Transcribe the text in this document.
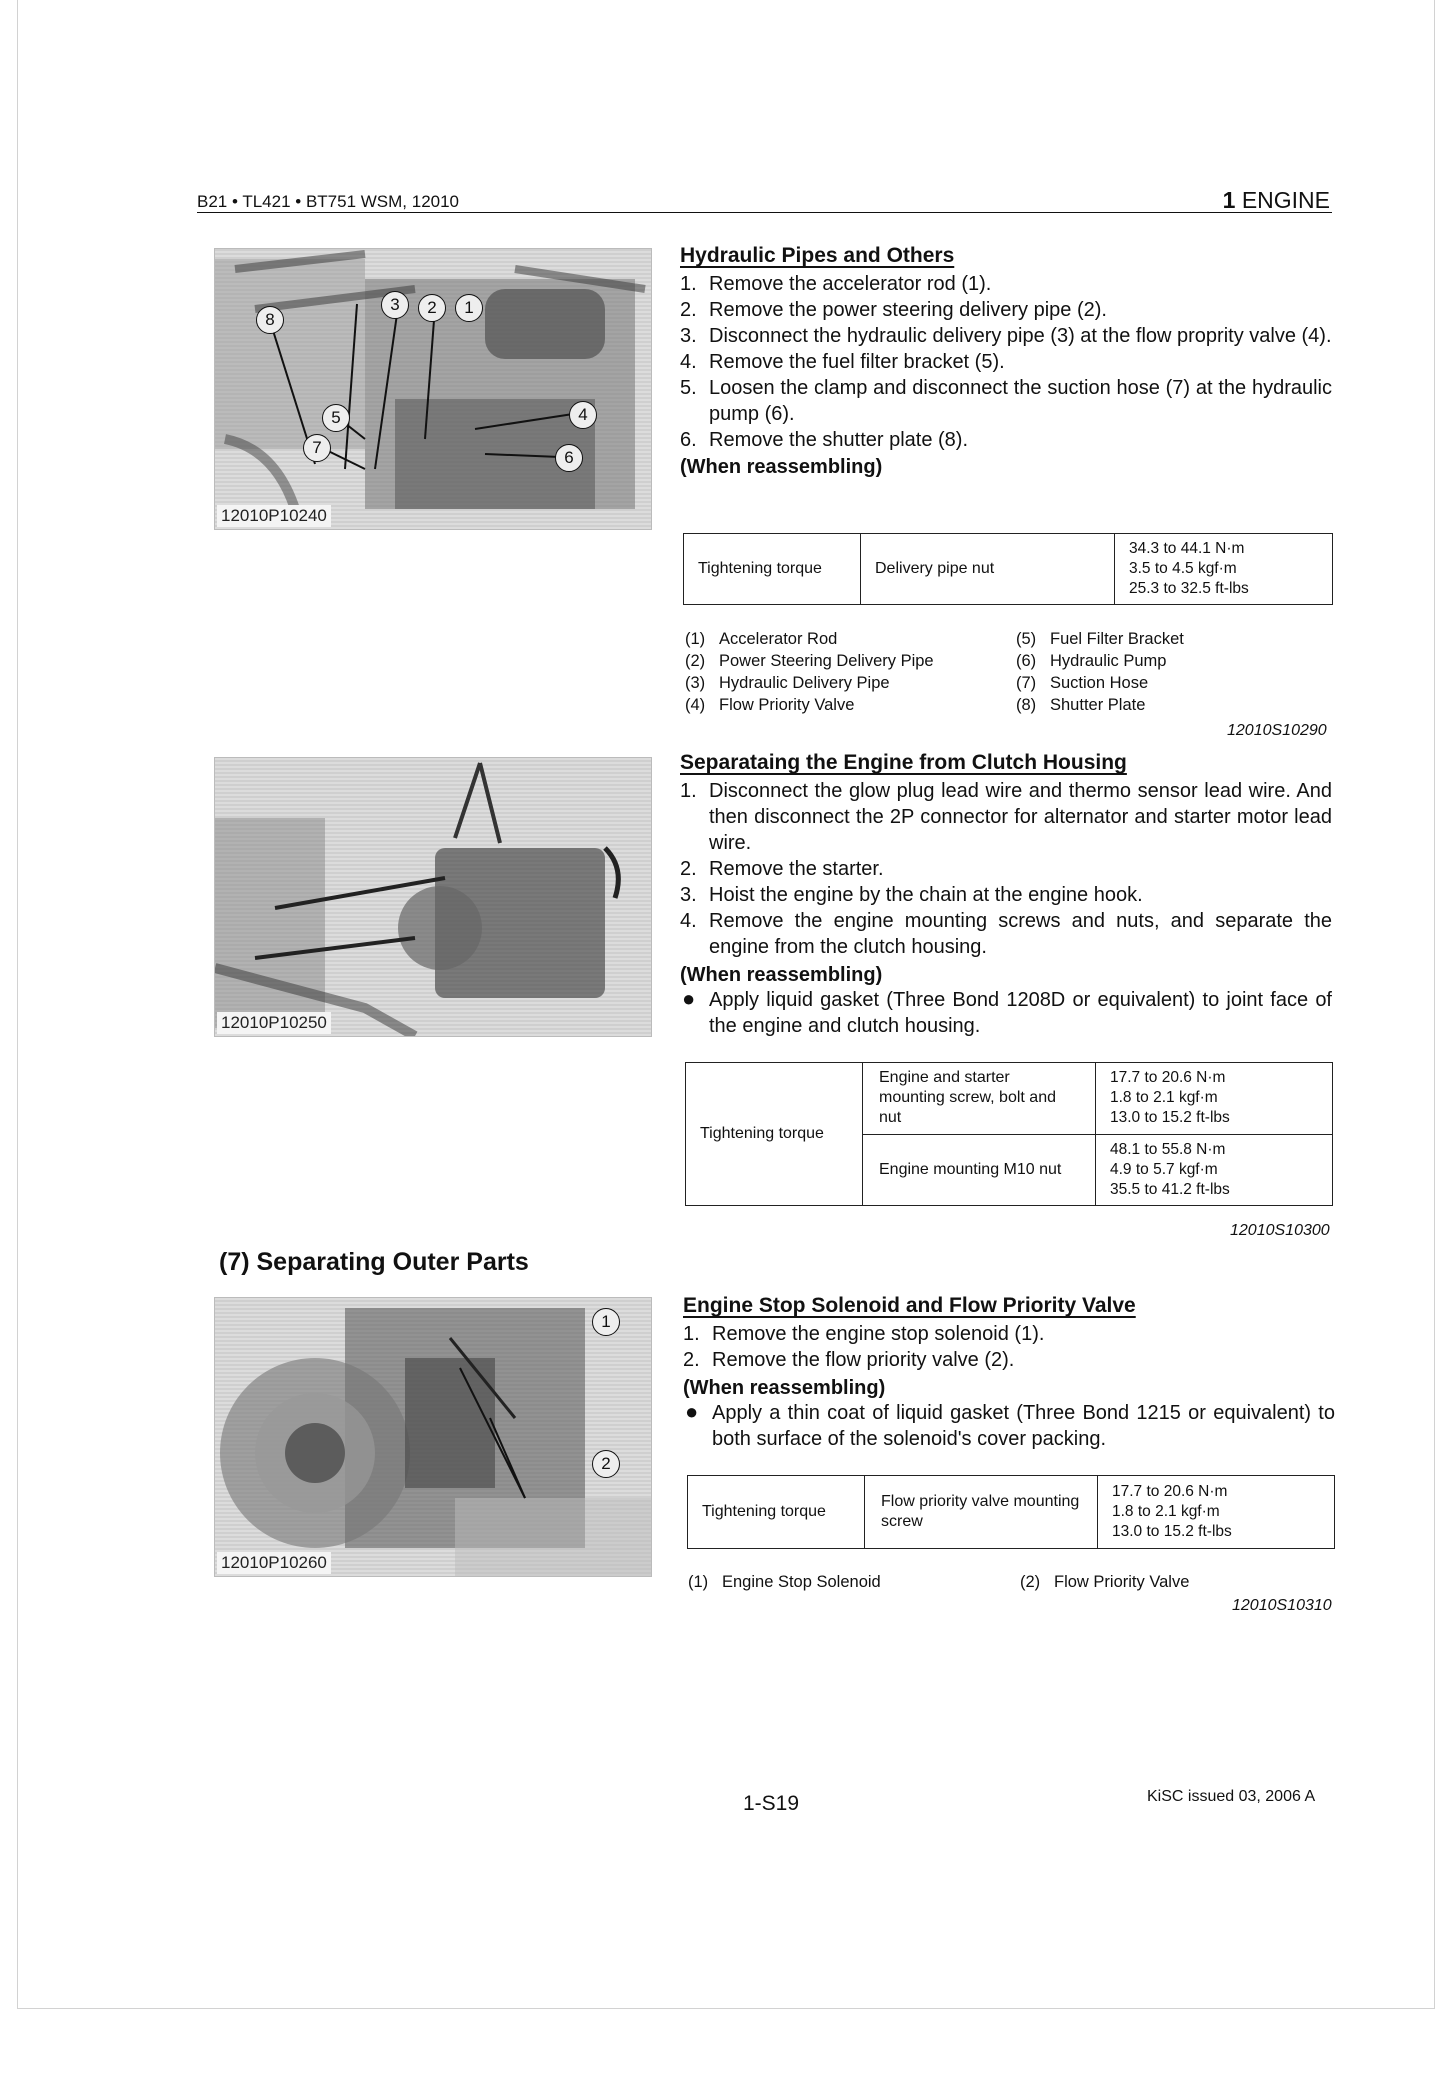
B21 • TL421 • BT751 WSM, 12010	1 ENGINE
8
3	2	1
5	4
7
6
12010P10240
Hydraulic Pipes and Others
1. Remove the accelerator rod (1).
2. Remove the power steering delivery pipe (2).
3. Disconnect the hydraulic delivery pipe (3) at the flow proprity valve (4).
4. Remove the fuel filter bracket (5).
5. Loosen the clamp and disconnect the suction hose (7) at the hydraulic pump (6).
6. Remove the shutter plate (8).
(When reassembling)
Tightening torque	Delivery pipe nut	
34.3 to 44.1 N·m
3.5 to 4.5 kgf·m
25.3 to 32.5 ft-lbs
(1) Accelerator Rod
(2) Power Steering Delivery Pipe
(3) Hydraulic Delivery Pipe
(4) Flow Priority Valve
(5) Fuel Filter Bracket
(6) Hydraulic Pump
(7) Suction Hose
(8) Shutter Plate
12010S10290
12010P10250
Separataing the Engine from Clutch Housing
1. Disconnect the glow plug lead wire and thermo sensor lead wire. And then disconnect the 2P connector for alternator and starter motor lead wire.
2. Remove the starter.
3. Hoist the engine by the chain at the engine hook.
4. Remove the engine mounting screws and nuts, and separate the engine from the clutch housing.
(When reassembling)
● Apply liquid gasket (Three Bond 1208D or equivalent) to joint face of the engine and clutch housing.
Tightening torque	Engine and starter mounting screw, bolt and nut	17.7 to 20.6 N·m
1.8 to 2.1 kgf·m
13.0 to 15.2 ft-lbs

	Engine mounting M10 nut	48.1 to 55.8 N·m
4.9 to 5.7 kgf·m
35.5 to 41.2 ft-lbs
12010S10300
(7) Separating Outer Parts
1
2
12010P10260
Engine Stop Solenoid and Flow Priority Valve
1. Remove the engine stop solenoid (1).
2. Remove the flow priority valve (2).
(When reassembling)
● Apply a thin coat of liquid gasket (Three Bond 1215 or equivalent) to both surface of the solenoid's cover packing.
Tightening torque	Flow priority valve mounting screw	
17.7 to 20.6 N·m
1.8 to 2.1 kgf·m
13.0 to 15.2 ft-lbs
(1) Engine Stop Solenoid	(2) Flow Priority Valve
12010S10310
1-S19	KiSC issued 03, 2006 A
